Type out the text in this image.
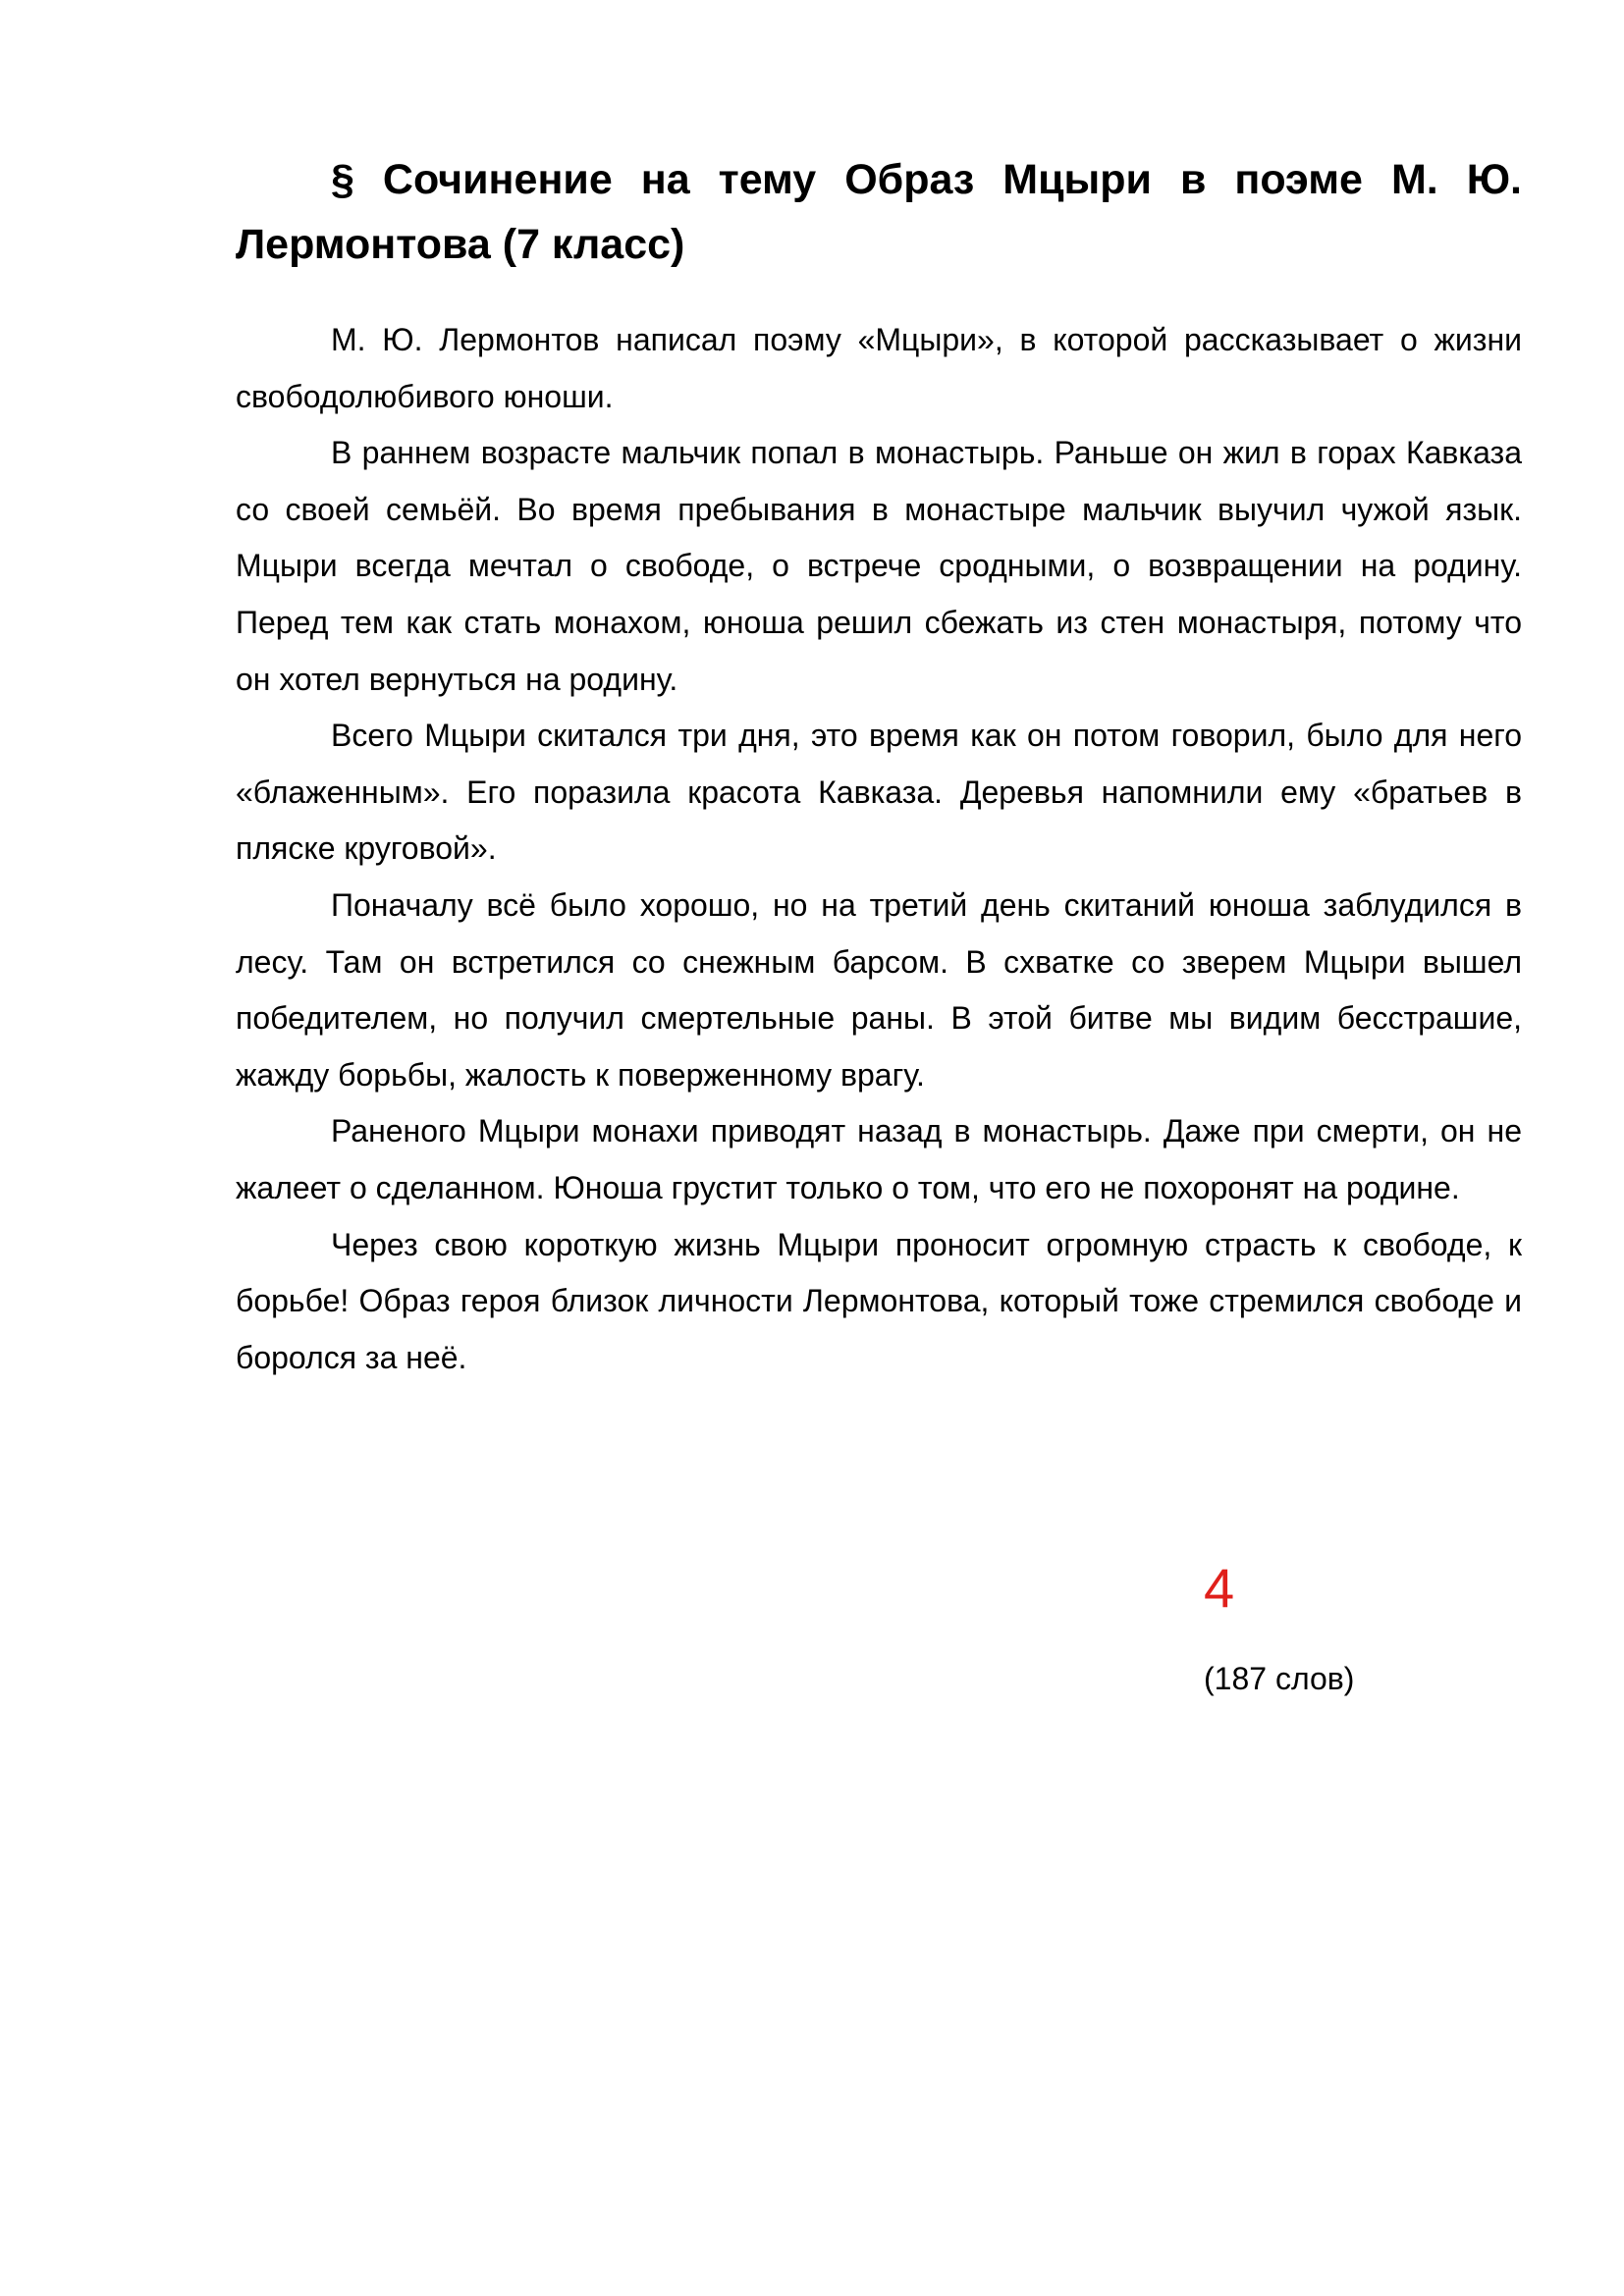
§ Сочинение на тему Образ Мцыри в поэме М. Ю. Лермонтова (7 класс)

М. Ю. Лермонтов написал поэму «Мцыри», в которой рассказывает о жизни свободолюбивого юноши.

В раннем возрасте мальчик попал в монастырь. Раньше он жил в горах Кавказа со своей семьёй. Во время пребывания в монастыре мальчик выучил чужой язык. Мцыри всегда мечтал о свободе, о встрече сродными, о возвращении на родину. Перед тем как стать монахом, юноша решил сбежать из стен монастыря, потому что он хотел вернуться на родину.

Всего Мцыри скитался три дня, это время как он потом говорил, было для него «блаженным». Его поразила красота Кавказа. Деревья напомнили ему «братьев в пляске круговой».

Поначалу всё было хорошо, но на третий день скитаний юноша заблудился в лесу. Там он встретился со снежным барсом. В схватке со зверем Мцыри вышел победителем, но получил смертельные раны. В этой битве мы видим бесстрашие, жажду борьбы, жалость к поверженному врагу.

Раненого Мцыри монахи приводят назад в монастырь. Даже при смерти, он не жалеет о сделанном. Юноша грустит только о том, что его не похоронят на родине.

Через свою короткую жизнь Мцыри проносит огромную страсть к свободе, к борьбе! Образ героя близок личности Лермонтова, который тоже стремился свободе и боролся за неё.

4
(187 слов)
